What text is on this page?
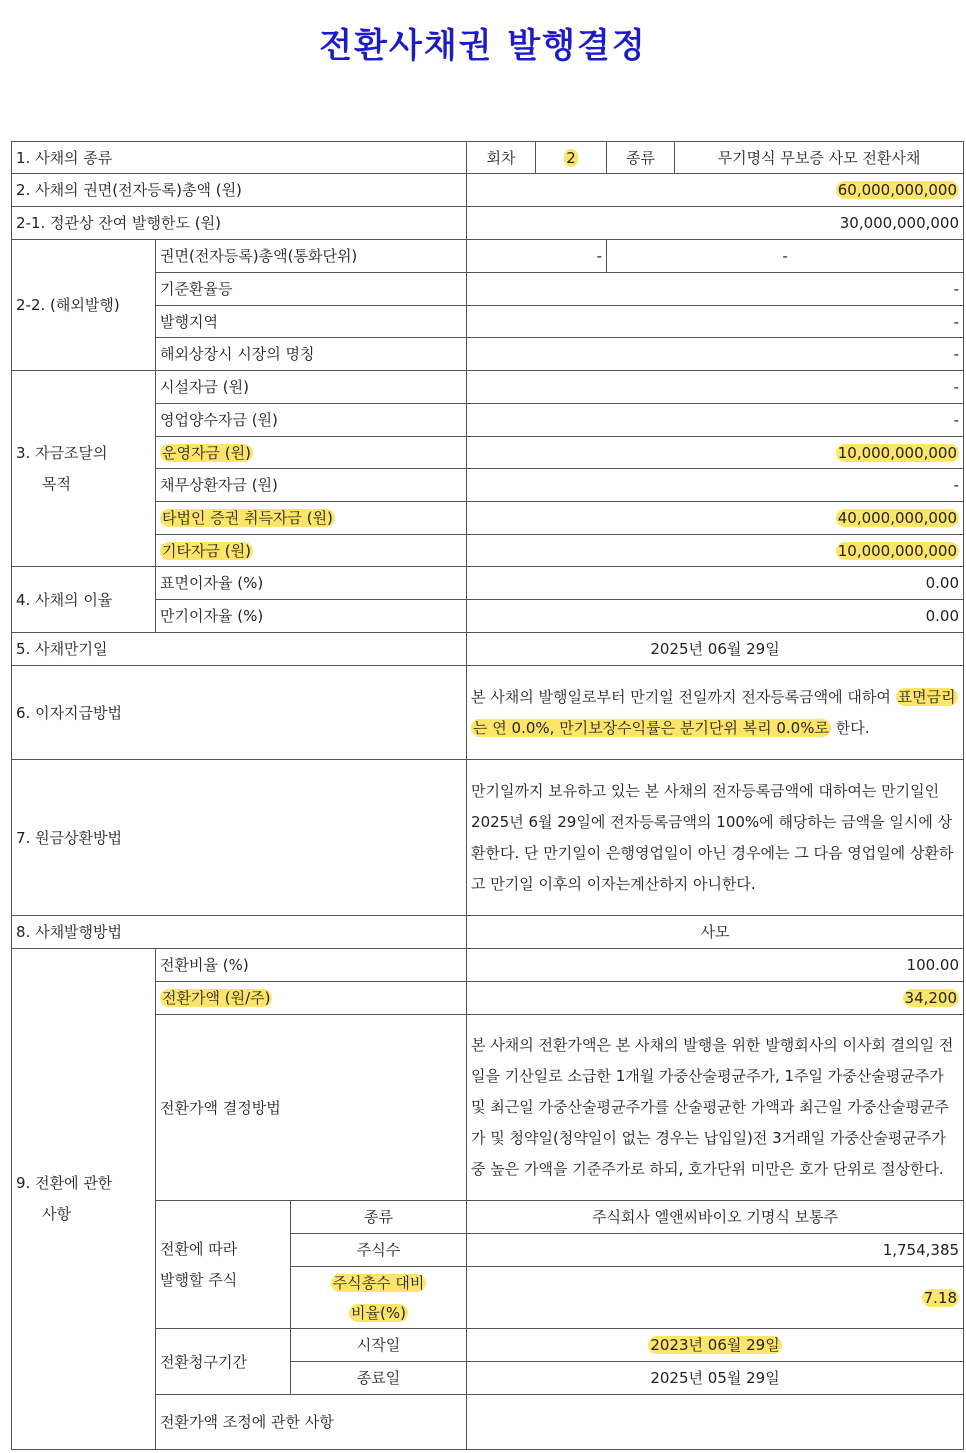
전환사채권 발행결정
1. 사채의 종류			회차	2	종류	무기명식 무보증 사모 전환사채
2. 사채의 권면(전자등록)총액 (원)			60,000,000,000			
2-1. 정관상 잔여 발행한도 (원)			30,000,000,000			
2-2. (해외발행)	권면(전자등록)총액(통화단위)		-		-	
	기준환율등		-			
	발행지역		-			
	해외상장시 시장의 명칭		-			

3. 자금조달의
목적	시설자금 (원)		-			
	영업양수자금 (원)		-			
	운영자금 (원)		10,000,000,000			
	채무상환자금 (원)		-			
	타법인 증권 취득자금 (원)		40,000,000,000			
	기타자금 (원)		10,000,000,000			
4. 사채의 이율	표면이자율 (%)		0.00			
	만기이자율 (%)		0.00			
5. 사채만기일			2025년 06월 29일			
6. 이자지급방법			본 사채의 발행일로부터 만기일 전일까지 전자등록금액에 대하여 표면금리는 연 0.0%, 만기보장수익률은 분기단위 복리 0.0%로 한다.			
7. 원금상환방법			만기일까지 보유하고 있는 본 사채의 전자등록금액에 대하여는 만기일인 2025년 6월 29일에 전자등록금액의 100%에 해당하는 금액을 일시에 상환한다. 단 만기일이 은행영업일이 아닌 경우에는 그 다음 영업일에 상환하고 만기일 이후의 이자는계산하지 아니한다.			
8. 사채발행방법			사모			

9. 전환에 관한
사항	전환비율 (%)		100.00			
	전환가액 (원/주)		34,200			
	전환가액 결정방법		본 사채의 전환가액은 본 사채의 발행을 위한 발행회사의 이사회 결의일 전일을 기산일로 소급한 1개월 가중산술평균주가, 1주일 가중산술평균주가 및 최근일 가중산술평균주가를 산술평균한 가액과 최근일 가중산술평균주가 및 청약일(청약일이 없는 경우는 납입일)전 3거래일 가중산술평균주가 중 높은 가액을 기준주가로 하되, 호가단위 미만은 호가 단위로 절상한다.			

	전환에 따라
발행할 주식	종류	주식회사 엘앤씨바이오 기명식 보통주			
		주식수	1,754,385			

		주식총수 대비
비율(%)	7.18			
	전환청구기간	시작일	2023년 06월 29일			
		종료일	2025년 05월 29일			
	전환가액 조정에 관한 사항					
